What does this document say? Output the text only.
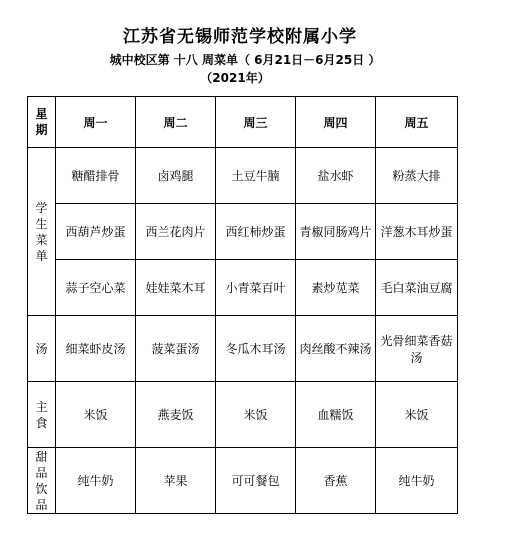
江苏省无锡师范学校附属小学
城中校区第 十八 周菜单（ 6月21日－6月25日 ）
（2021年）
星期	周一	周二	周三	周四	周五
学生菜单	糖醋排骨	卤鸡腿	土豆牛腩	盐水虾	粉蒸大排
	西葫芦炒蛋	西兰花肉片	西红柿炒蛋	青椒同肠鸡片	洋葱木耳炒蛋
	蒜子空心菜	娃娃菜木耳	小青菜百叶	素炒苋菜	毛白菜油豆腐
汤	细菜虾皮汤	菠菜蛋汤	冬瓜木耳汤	肉丝酸不辣汤	光骨细菜香菇汤
主食	米饭	燕麦饭	米饭	血糯饭	米饭
甜品饮品	纯牛奶	苹果	可可餐包	香蕉	纯牛奶
